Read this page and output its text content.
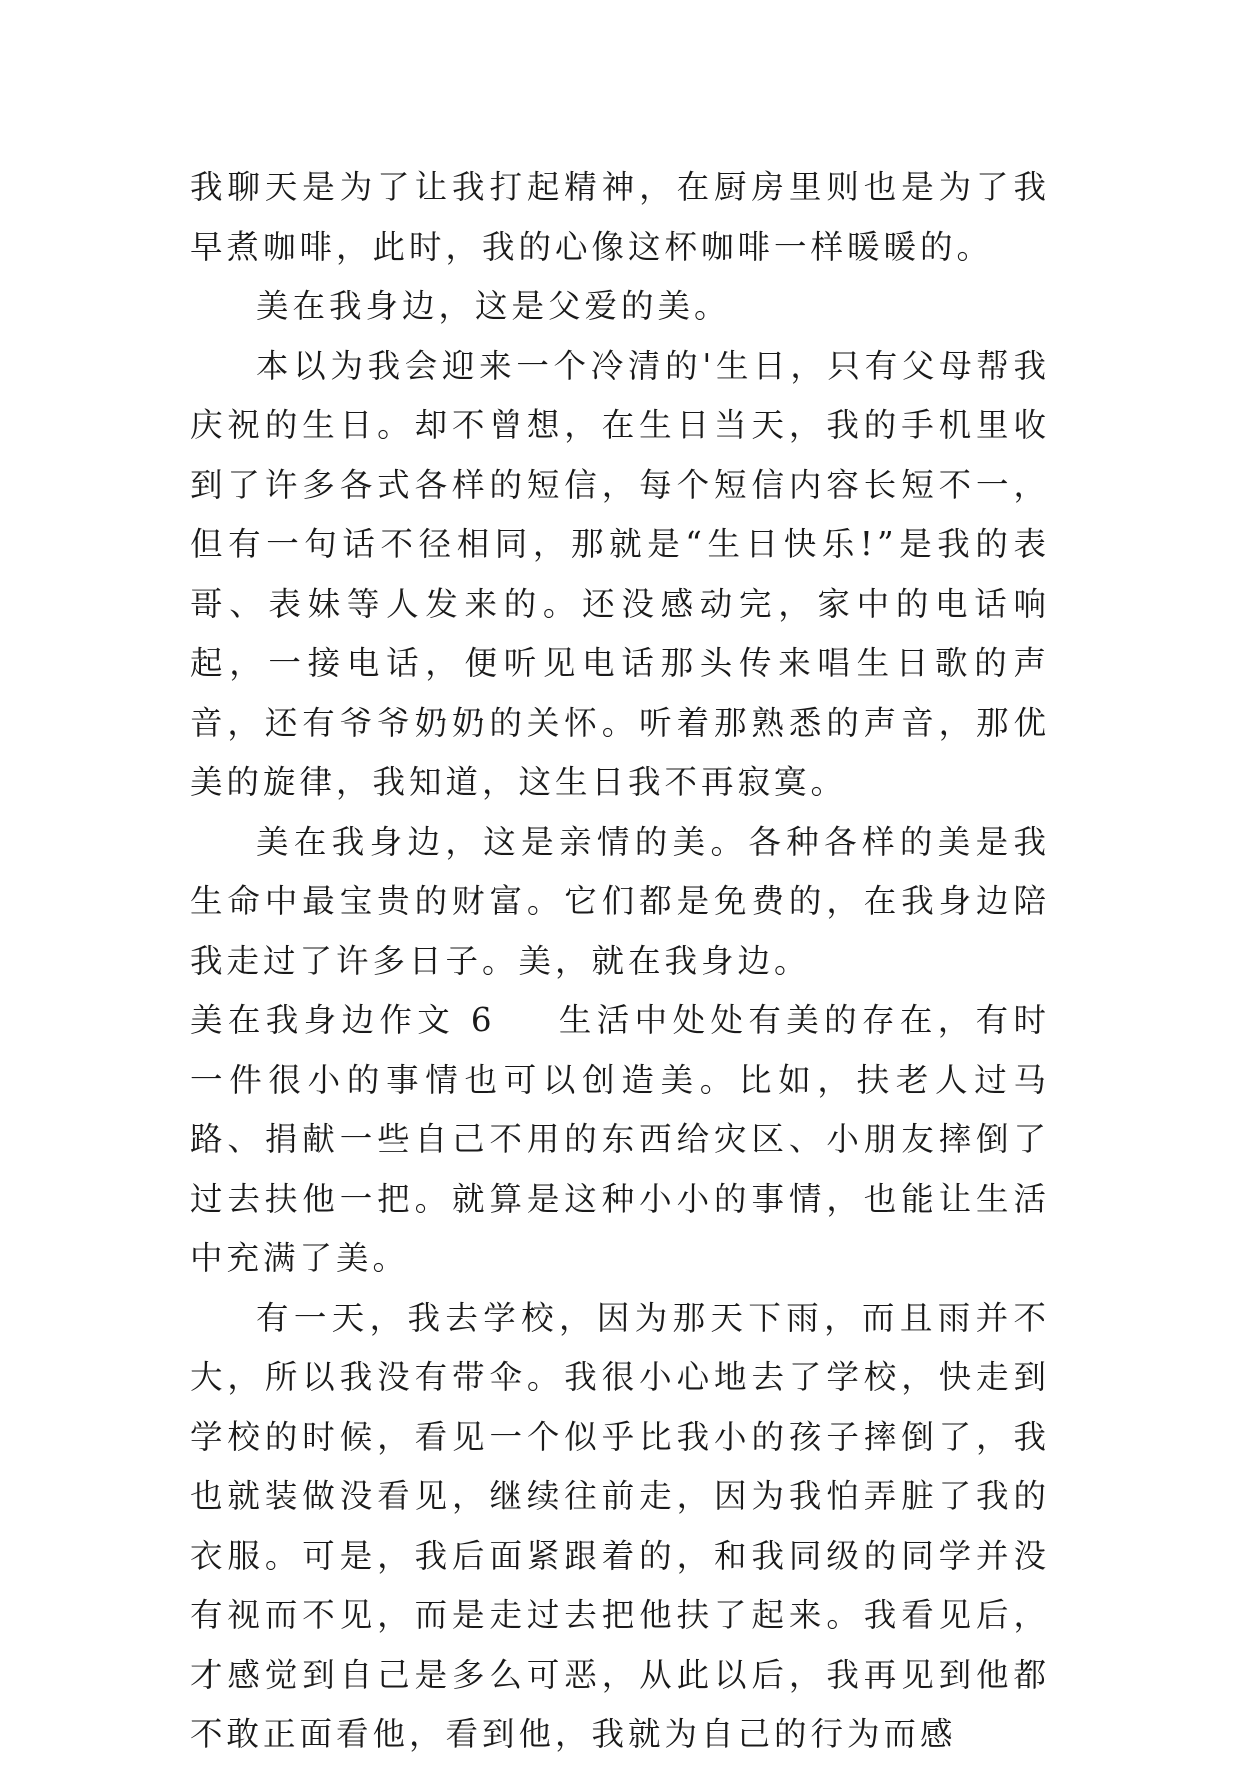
我聊天是为了让我打起精神，在厨房里则也是为了我早煮咖啡，此时，我的心像这杯咖啡一样暖暖的。

美在我身边，这是父爱的美。

本以为我会迎来一个冷清的'生日，只有父母帮我庆祝的生日。却不曾想，在生日当天，我的手机里收到了许多各式各样的短信，每个短信内容长短不一，但有一句话不径相同，那就是“生日快乐!”是我的表哥、表妹等人发来的。还没感动完，家中的电话响起，一接电话，便听见电话那头传来唱生日歌的声音，还有爷爷奶奶的关怀。听着那熟悉的声音，那优美的旋律，我知道，这生日我不再寂寞。

美在我身边，这是亲情的美。各种各样的美是我生命中最宝贵的财富。它们都是免费的，在我身边陪我走过了许多日子。美，就在我身边。

美在我身边作文 6 生活中处处有美的存在，有时一件很小的事情也可以创造美。比如，扶老人过马路、捐献一些自己不用的东西给灾区、小朋友摔倒了过去扶他一把。就算是这种小小的事情，也能让生活中充满了美。

有一天，我去学校，因为那天下雨，而且雨并不大，所以我没有带伞。我很小心地去了学校，快走到学校的时候，看见一个似乎比我小的孩子摔倒了，我也就装做没看见，继续往前走，因为我怕弄脏了我的衣服。可是，我后面紧跟着的，和我同级的同学并没有视而不见，而是走过去把他扶了起来。我看见后，才感觉到自己是多么可恶，从此以后，我再见到他都不敢正面看他，看到他，我就为自己的行为而感
